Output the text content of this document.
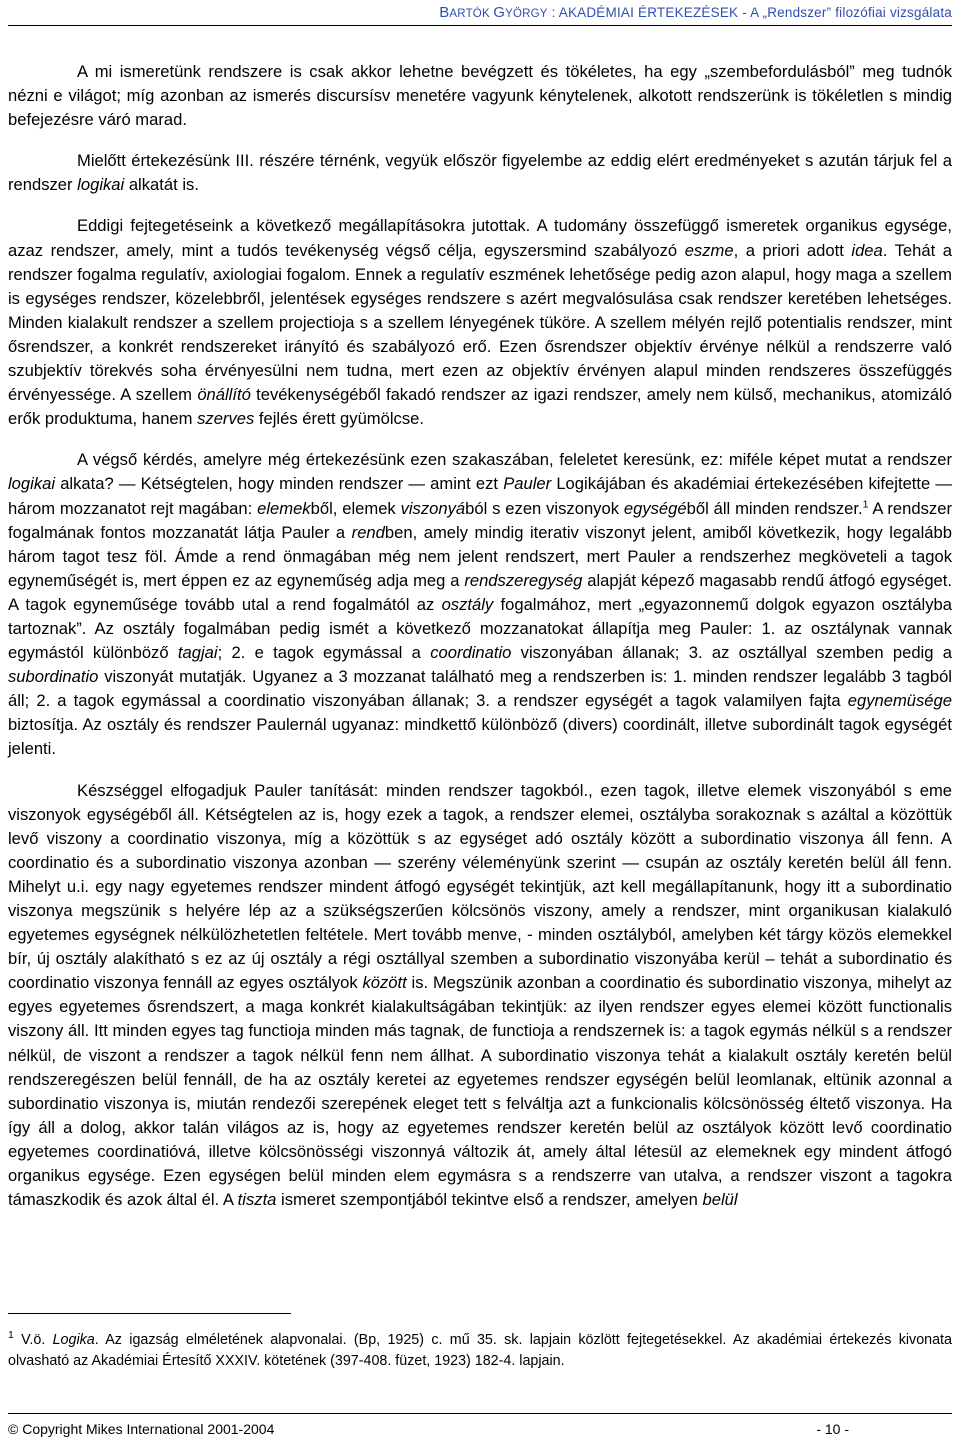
BARTÓK GYÖRGY : AKADÉMIAI ÉRTEKEZÉSEK - A „Rendszer” filozófiai vizsgálata

A mi ismeretünk rendszere is csak akkor lehetne bevégzett és tökéletes, ha egy „szembefordulásból” meg tudnók nézni e világot; míg azonban az ismerés discursísv menetére vagyunk kénytelenek, alkotott rendszerünk is tökéletlen s mindig befejezésre váró marad.

Mielőtt értekezésünk III. részére térnénk, vegyük először figyelembe az eddig elért eredményeket s azután tárjuk fel a rendszer logikai alkatát is.

Eddigi fejtegetéseink a következő megállapításokra jutottak. A tudomány összefüggő ismeretek organikus egysége, azaz rendszer, amely, mint a tudós tevékenység végső célja, egyszersmind szabályozó eszme, a priori adott idea. Tehát a rendszer fogalma regulatív, axiologiai fogalom. Ennek a regulatív eszmének lehetősége pedig azon alapul, hogy maga a szellem is egységes rendszer, közelebbről, jelentések egységes rendszere s azért megvalósulása csak rendszer keretében lehetséges. Minden kialakult rendszer a szellem projectioja s a szellem lényegének tüköre. A szellem mélyén rejlő potentialis rendszer, mint ősrendszer, a konkrét rendszereket irányító és szabályozó erő. Ezen ősrendszer objektív érvénye nélkül a rendszerre való szubjektív törekvés soha érvényesülni nem tudna, mert ezen az objektív érvényen alapul minden rendszeres összefüggés érvényessége. A szellem önállító tevékenységéből fakadó rendszer az igazi rendszer, amely nem külső, mechanikus, atomizáló erők produktuma, hanem szerves fejlés érett gyümölcse.

A végső kérdés, amelyre még értekezésünk ezen szakaszában, feleletet keresünk, ez: miféle képet mutat a rendszer logikai alkata? — Kétségtelen, hogy minden rendszer — amint ezt Pauler Logikájában és akadémiai értekezésében kifejtette — három mozzanatot rejt magában: elemekből, elemek viszonyából s ezen viszonyok egységéből áll minden rendszer.$^1$ A rendszer fogalmának fontos mozzanatát látja Pauler a rendben, amely mindig iterativ viszonyt jelent, amiből következik, hogy legalább három tagot tesz föl. Ámde a rend önmagában még nem jelent rendszert, mert Pauler a rendszerhez megköveteli a tagok egyneműségét is, mert éppen ez az egyneműség adja meg a rendszeregység alapját képező magasabb rendű átfogó egységet. A tagok egyneműsége tovább utal a rend fogalmától az osztály fogalmához, mert „egyazonnemű dolgok egyazon osztályba tartoznak”. Az osztály fogalmában pedig ismét a következő mozzanatokat állapítja meg Pauler: 1. az osztálynak vannak egymástól különböző tagjai; 2. e tagok egymással a coordinatio viszonyában állanak; 3. az osztállyal szemben pedig a subordinatio viszonyát mutatják. Ugyanez a 3 mozzanat található meg a rendszerben is: 1. minden rendszer legalább 3 tagból áll; 2. a tagok egymással a coordinatio viszonyában állanak; 3. a rendszer egységét a tagok valamilyen fajta egynemüsége biztosítja. Az osztály és rendszer Paulernál ugyanaz: mindkettő különböző (divers) coordinált, illetve subordinált tagok egységét jelenti.

Készséggel elfogadjuk Pauler tanítását: minden rendszer tagokból., ezen tagok, illetve elemek viszonyából s eme viszonyok egységéből áll. Kétségtelen az is, hogy ezek a tagok, a rendszer elemei, osztályba sorakoznak s azáltal a közöttük levő viszony a coordinatio viszonya, míg a közöttük s az egységet adó osztály között a subordinatio viszonya áll fenn. A coordinatio és a subordinatio viszonya azonban — szerény véleményünk szerint — csupán az osztály keretén belül áll fenn. Mihelyt u.i. egy nagy egyetemes rendszer mindent átfogó egységét tekintjük, azt kell megállapítanunk, hogy itt a subordinatio viszonya megszünik s helyére lép az a szükségszerűen kölcsönös viszony, amely a rendszer, mint organikusan kialakuló egyetemes egységnek nélkülözhetetlen feltétele. Mert tovább menve, - minden osztályból, amelyben két tárgy közös elemekkel bír, új osztály alakítható s ez az új osztály a régi osztállyal szemben a subordinatio viszonyába kerül – tehát a subordinatio és coordinatio viszonya fennáll az egyes osztályok között is. Megszünik azonban a coordinatio és subordinatio viszonya, mihelyt az egyes egyetemes ősrendszert, a maga konkrét kialakultságában tekintjük: az ilyen rendszer egyes elemei között functionalis viszony áll. Itt minden egyes tag functioja minden más tagnak, de functioja a rendszernek is: a tagok egymás nélkül s a rendszer nélkül, de viszont a rendszer a tagok nélkül fenn nem állhat. A subordinatio viszonya tehát a kialakult osztály keretén belül rendszeregészen belül fennáll, de ha az osztály keretei az egyetemes rendszer egységén belül leomlanak, eltünik azonnal a subordinatio viszonya is, miután rendezői szerepének eleget tett s felváltja azt a funkcionalis kölcsönösség éltető viszonya. Ha így áll a dolog, akkor talán világos az is, hogy az egyetemes rendszer keretén belül az osztályok között levő coordinatio egyetemes coordinatióvá, illetve kölcsönösségi viszonnyá változik át, amely által létesül az elemeknek egy mindent átfogó organikus egysége. Ezen egységen belül minden elem egymásra s a rendszerre van utalva, a rendszer viszont a tagokra támaszkodik és azok által él. A tiszta ismeret szempontjából tekintve első a rendszer, amelyen belül

$^1$ V.ö. Logika. Az igazság elméletének alapvonalai. (Bp, 1925) c. mű 35. sk. lapjain közlött fejtegetésekkel. Az akadémiai értekezés kivonata olvasható az Akadémiai Értesítő XXXIV. kötetének (397-408. füzet, 1923) 182-4. lapjain.
© Copyright Mikes International 2001-2004	- 10 -
